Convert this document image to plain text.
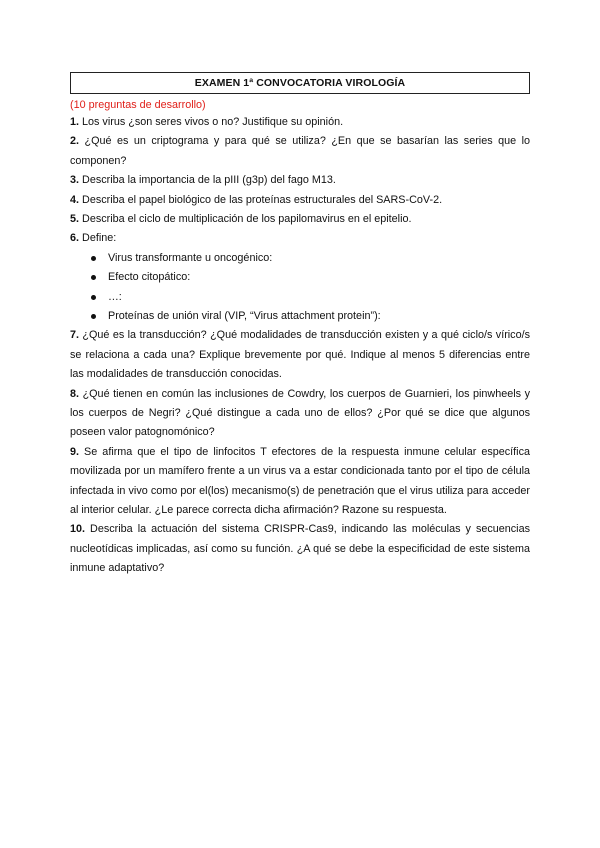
EXAMEN 1ª CONVOCATORIA VIROLOGÍA
(10 preguntas de desarrollo)
1. Los virus ¿son seres vivos o no? Justifique su opinión.
2. ¿Qué es un criptograma y para qué se utiliza? ¿En que se basarían las series que lo componen?
3. Describa la importancia de la pIII (g3p) del fago M13.
4. Describa el papel biológico de las proteínas estructurales del SARS-CoV-2.
5. Describa el ciclo de multiplicación de los papilomavirus en el epitelio.
6. Define:
Virus transformante u oncogénico:
Efecto citopático:
…:
Proteínas de unión viral (VIP, “Virus attachment protein”):
7. ¿Qué es la transducción? ¿Qué modalidades de transducción existen y a qué ciclo/s vírico/s se relaciona a cada una? Explique brevemente por qué. Indique al menos 5 diferencias entre las modalidades de transducción conocidas.
8. ¿Qué tienen en común las inclusiones de Cowdry, los cuerpos de Guarnieri, los pinwheels y los cuerpos de Negri? ¿Qué distingue a cada uno de ellos? ¿Por qué se dice que algunos poseen valor patognomónico?
9. Se afirma que el tipo de linfocitos T efectores de la respuesta inmune celular específica movilizada por un mamífero frente a un virus va a estar condicionada tanto por el tipo de célula infectada in vivo como por el(los) mecanismo(s) de penetración que el virus utiliza para acceder al interior celular. ¿Le parece correcta dicha afirmación? Razone su respuesta.
10. Describa la actuación del sistema CRISPR-Cas9, indicando las moléculas y secuencias nucleotídicas implicadas, así como su función. ¿A qué se debe la especificidad de este sistema inmune adaptativo?
